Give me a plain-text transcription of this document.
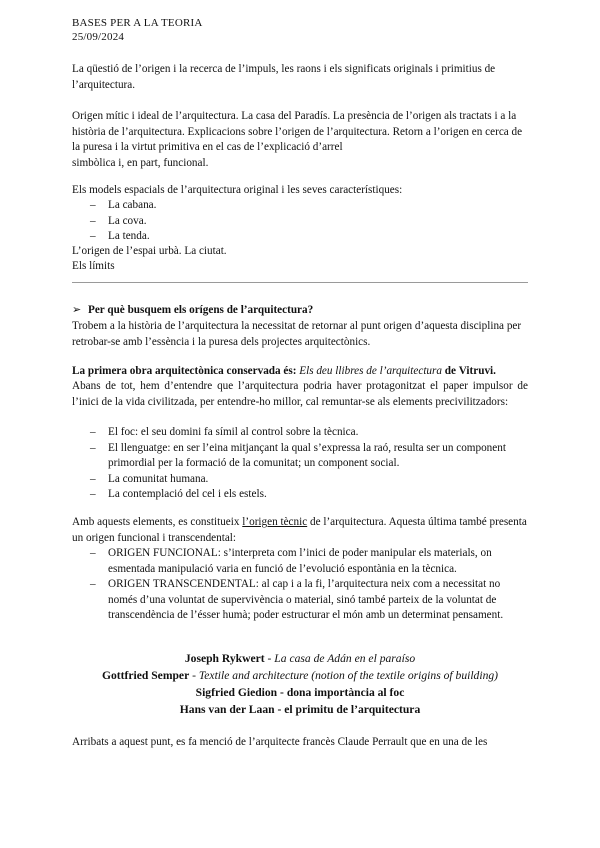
BASES PER A LA TEORIA
25/09/2024

La qüestió de l’origen i la recerca de l’impuls, les raons i els significats originals i primitius de l’arquitectura.

Origen mític i ideal de l’arquitectura. La casa del Paradís. La presència de l’origen als tractats i a la història de l’arquitectura. Explicacions sobre l’origen de l’arquitectura. Retorn a l’origen en cerca de la puresa i la virtut primitiva en el cas de l’explicació d’arrel
simbòlica i, en part, funcional.

Els models espacials de l’arquitectura original i les seves característiques:

– La cabana.
– La cova.
– La tenda.

L’origen de l’espai urbà. La ciutat.

Els límits

➢ Per què busquem els orígens de l’arquitectura?

Trobem a la història de l’arquitectura la necessitat de retornar al punt origen d’aquesta disciplina per retrobar-se amb l’essència i la puresa dels projectes arquitectònics.

La primera obra arquitectònica conservada és: Els deu llibres de l’arquitectura de Vitruvi.

Abans de tot, hem d’entendre que l’arquitectura podria haver protagonitzat el paper impulsor de l’inici de la vida civilitzada, per entendre-ho millor, cal remuntar-se als elements precivilitzadors:

– El foc: el seu domini fa símil al control sobre la tècnica.
– El llenguatge: en ser l’eina mitjançant la qual s’expressa la raó, resulta ser un component primordial per la formació de la comunitat; un component social.
– La comunitat humana.
– La contemplació del cel i els estels.

Amb aquests elements, es constitueix l’origen tècnic de l’arquitectura. Aquesta última també presenta un origen funcional i transcendental:

– ORIGEN FUNCIONAL: s’interpreta com l’inici de poder manipular els materials, on esmentada manipulació varia en funció de l’evolució espontània en la tècnica.
– ORIGEN TRANSCENDENTAL: al cap i a la fi, l’arquitectura neix com a necessitat no només d’una voluntat de supervivència o material, sinó també parteix de la voluntat de transcendència de l’ésser humà; poder estructurar el món amb un determinat pensament.
Joseph Rykwert - La casa de Adán en el paraíso
Gottfried Semper - Textile and architecture (notion of the textile origins of building)
Sigfried Giedion - dona importància al foc
Hans van der Laan - el primitu de l’arquitectura

Arribats a aquest punt, es fa menció de l’arquitecte francès Claude Perrault que en una de les
